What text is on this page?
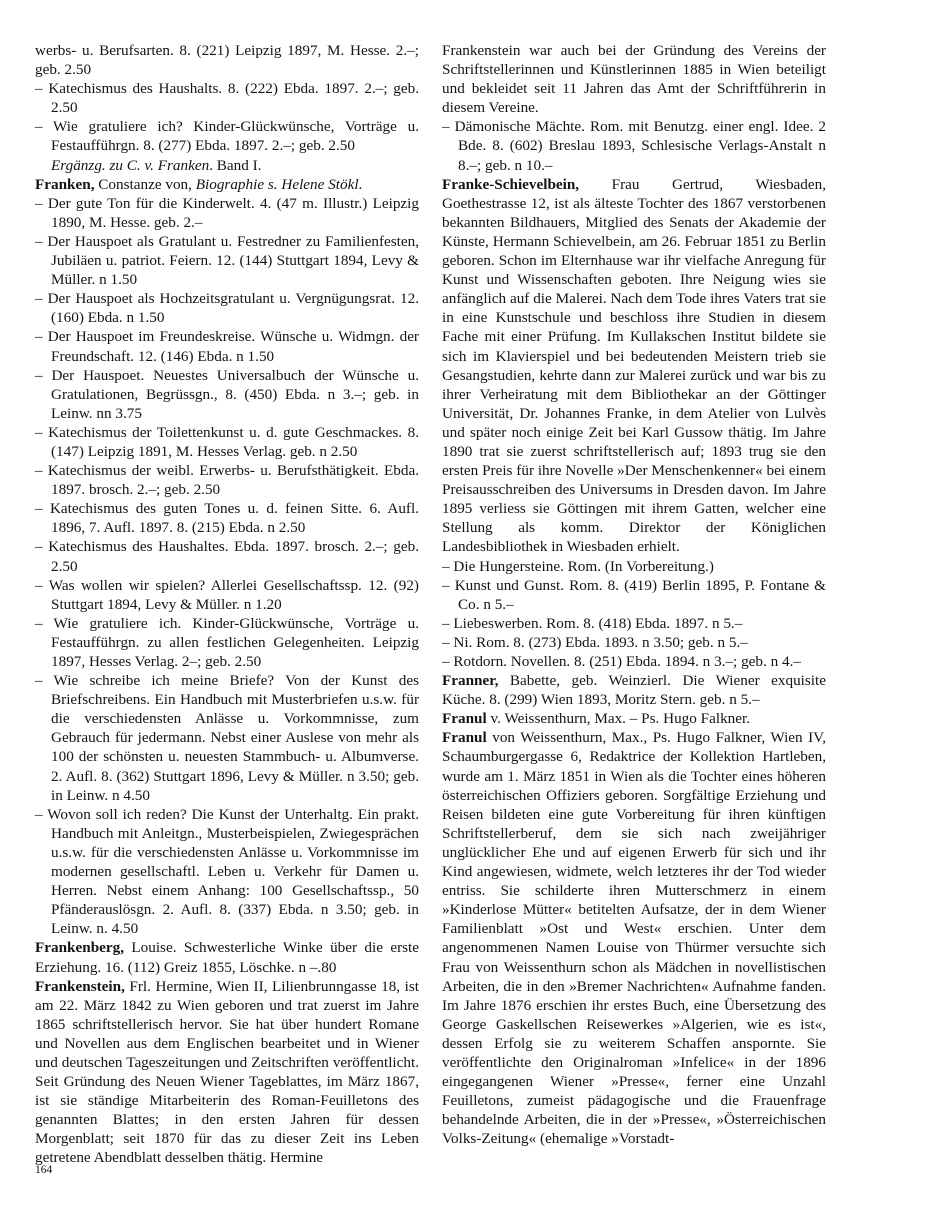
werbs- u. Berufsarten. 8. (221) Leipzig 1897, M. Hesse. 2.–; geb. 2.50

– Katechismus des Haushalts. 8. (222) Ebda. 1897. 2.–; geb. 2.50

– Wie gratuliere ich? Kinder-Glückwünsche, Vorträge u. Festaufführgn. 8. (277) Ebda. 1897. 2.–; geb. 2.50
Ergänzg. zu C. v. Franken. Band I.

Franken, Constanze von, Biographie s. Helene Stökl.

– Der gute Ton für die Kinderwelt. 4. (47 m. Illustr.) Leipzig 1890, M. Hesse. geb. 2.–

– Der Hauspoet als Gratulant u. Festredner zu Familienfesten, Jubiläen u. patriot. Feiern. 12. (144) Stuttgart 1894, Levy & Müller. n 1.50

– Der Hauspoet als Hochzeitsgratulant u. Vergnügungsrat. 12. (160) Ebda. n 1.50

– Der Hauspoet im Freundeskreise. Wünsche u. Widmgn. der Freundschaft. 12. (146) Ebda. n 1.50

– Der Hauspoet. Neuestes Universalbuch der Wünsche u. Gratulationen, Begrüssgn., 8. (450) Ebda. n 3.–; geb. in Leinw. nn 3.75

– Katechismus der Toilettenkunst u. d. gute Geschmackes. 8. (147) Leipzig 1891, M. Hesses Verlag. geb. n 2.50

– Katechismus der weibl. Erwerbs- u. Berufsthätigkeit. Ebda. 1897. brosch. 2.–; geb. 2.50

– Katechismus des guten Tones u. d. feinen Sitte. 6. Aufl. 1896, 7. Aufl. 1897. 8. (215) Ebda. n 2.50

– Katechismus des Haushaltes. Ebda. 1897. brosch. 2.–; geb. 2.50

– Was wollen wir spielen? Allerlei Gesellschaftssp. 12. (92) Stuttgart 1894, Levy & Müller. n 1.20

– Wie gratuliere ich. Kinder-Glückwünsche, Vorträge u. Festaufführgn. zu allen festlichen Gelegenheiten. Leipzig 1897, Hesses Verlag. 2–; geb. 2.50

– Wie schreibe ich meine Briefe? Von der Kunst des Briefschreibens. Ein Handbuch mit Musterbriefen u.s.w. für die verschiedensten Anlässe u. Vorkommnisse, zum Gebrauch für jedermann. Nebst einer Auslese von mehr als 100 der schönsten u. neuesten Stammbuch- u. Albumverse. 2. Aufl. 8. (362) Stuttgart 1896, Levy & Müller. n 3.50; geb. in Leinw. n 4.50

– Wovon soll ich reden? Die Kunst der Unterhaltg. Ein prakt. Handbuch mit Anleitgn., Musterbeispielen, Zwiegesprächen u.s.w. für die verschiedensten Anlässe u. Vorkommnisse im modernen gesellschaftl. Leben u. Verkehr für Damen u. Herren. Nebst einem Anhang: 100 Gesellschaftssp., 50 Pfänderauslösgn. 2. Aufl. 8. (337) Ebda. n 3.50; geb. in Leinw. n. 4.50

Frankenberg, Louise. Schwesterliche Winke über die erste Erziehung. 16. (112) Greiz 1855, Löschke. n –.80

Frankenstein, Frl. Hermine, Wien II, Lilienbrunngasse 18, ist am 22. März 1842 zu Wien geboren und trat zuerst im Jahre 1865 schriftstellerisch hervor. Sie hat über hundert Romane und Novellen aus dem Englischen bearbeitet und in Wiener und deutschen Tageszeitungen und Zeitschriften veröffentlicht. Seit Gründung des Neuen Wiener Tageblattes, im März 1867, ist sie ständige Mitarbeiterin des Roman-Feuilletons des genannten Blattes; in den ersten Jahren für dessen Morgenblatt; seit 1870 für das zu dieser Zeit ins Leben getretene Abendblatt desselben thätig. Hermine

Frankenstein war auch bei der Gründung des Vereins der Schriftstellerinnen und Künstlerinnen 1885 in Wien beteiligt und bekleidet seit 11 Jahren das Amt der Schriftführerin in diesem Vereine.

– Dämonische Mächte. Rom. mit Benutzg. einer engl. Idee. 2 Bde. 8. (602) Breslau 1893, Schlesische Verlags-Anstalt n 8.–; geb. n 10.–

Franke-Schievelbein, Frau Gertrud, Wiesbaden, Goethestrasse 12, ist als älteste Tochter des 1867 verstorbenen bekannten Bildhauers, Mitglied des Senats der Akademie der Künste, Hermann Schievelbein, am 26. Februar 1851 zu Berlin geboren. Schon im Elternhause war ihr vielfache Anregung für Kunst und Wissenschaften geboten. Ihre Neigung wies sie anfänglich auf die Malerei. Nach dem Tode ihres Vaters trat sie in eine Kunstschule und beschloss ihre Studien in diesem Fache mit einer Prüfung. Im Kullakschen Institut bildete sie sich im Klavierspiel und bei bedeutenden Meistern trieb sie Gesangstudien, kehrte dann zur Malerei zurück und war bis zu ihrer Verheiratung mit dem Bibliothekar an der Göttinger Universität, Dr. Johannes Franke, in dem Atelier von Lulvès und später noch einige Zeit bei Karl Gussow thätig. Im Jahre 1890 trat sie zuerst schriftstellerisch auf; 1893 trug sie den ersten Preis für ihre Novelle »Der Menschenkenner« bei einem Preisausschreiben des Universums in Dresden davon. Im Jahre 1895 verliess sie Göttingen mit ihrem Gatten, welcher eine Stellung als komm. Direktor der Königlichen Landesbibliothek in Wiesbaden erhielt.

– Die Hungersteine. Rom. (In Vorbereitung.)

– Kunst und Gunst. Rom. 8. (419) Berlin 1895, P. Fontane & Co. n 5.–

– Liebeswerben. Rom. 8. (418) Ebda. 1897. n 5.–

– Ni. Rom. 8. (273) Ebda. 1893. n 3.50; geb. n 5.–

– Rotdorn. Novellen. 8. (251) Ebda. 1894. n 3.–; geb. n 4.–

Franner, Babette, geb. Weinzierl. Die Wiener exquisite Küche. 8. (299) Wien 1893, Moritz Stern. geb. n 5.–

Franul v. Weissenthurn, Max. – Ps. Hugo Falkner.

Franul von Weissenthurn, Max., Ps. Hugo Falkner, Wien IV, Schaumburgergasse 6, Redaktrice der Kollektion Hartleben, wurde am 1. März 1851 in Wien als die Tochter eines höheren österreichischen Offiziers geboren. Sorgfältige Erziehung und Reisen bildeten eine gute Vorbereitung für ihren künftigen Schriftstellerberuf, dem sie sich nach zweijähriger unglücklicher Ehe und auf eigenen Erwerb für sich und ihr Kind angewiesen, widmete, welch letzteres ihr der Tod wieder entriss. Sie schilderte ihren Mutterschmerz in einem »Kinderlose Mütter« betitelten Aufsatze, der in dem Wiener Familienblatt »Ost und West« erschien. Unter dem angenommenen Namen Louise von Thürmer versuchte sich Frau von Weissenthurn schon als Mädchen in novellistischen Arbeiten, die in den »Bremer Nachrichten« Aufnahme fanden. Im Jahre 1876 erschien ihr erstes Buch, eine Übersetzung des George Gaskellschen Reisewerkes »Algerien, wie es ist«, dessen Erfolg sie zu weiterem Schaffen anspornte. Sie veröffentlichte den Originalroman »Infelice« in der 1896 eingegangenen Wiener »Presse«, ferner eine Unzahl Feuilletons, zumeist pädagogische und die Frauenfrage behandelnde Arbeiten, die in der »Presse«, »Österreichischen Volks-Zeitung« (ehemalige »Vorstadt-

164
